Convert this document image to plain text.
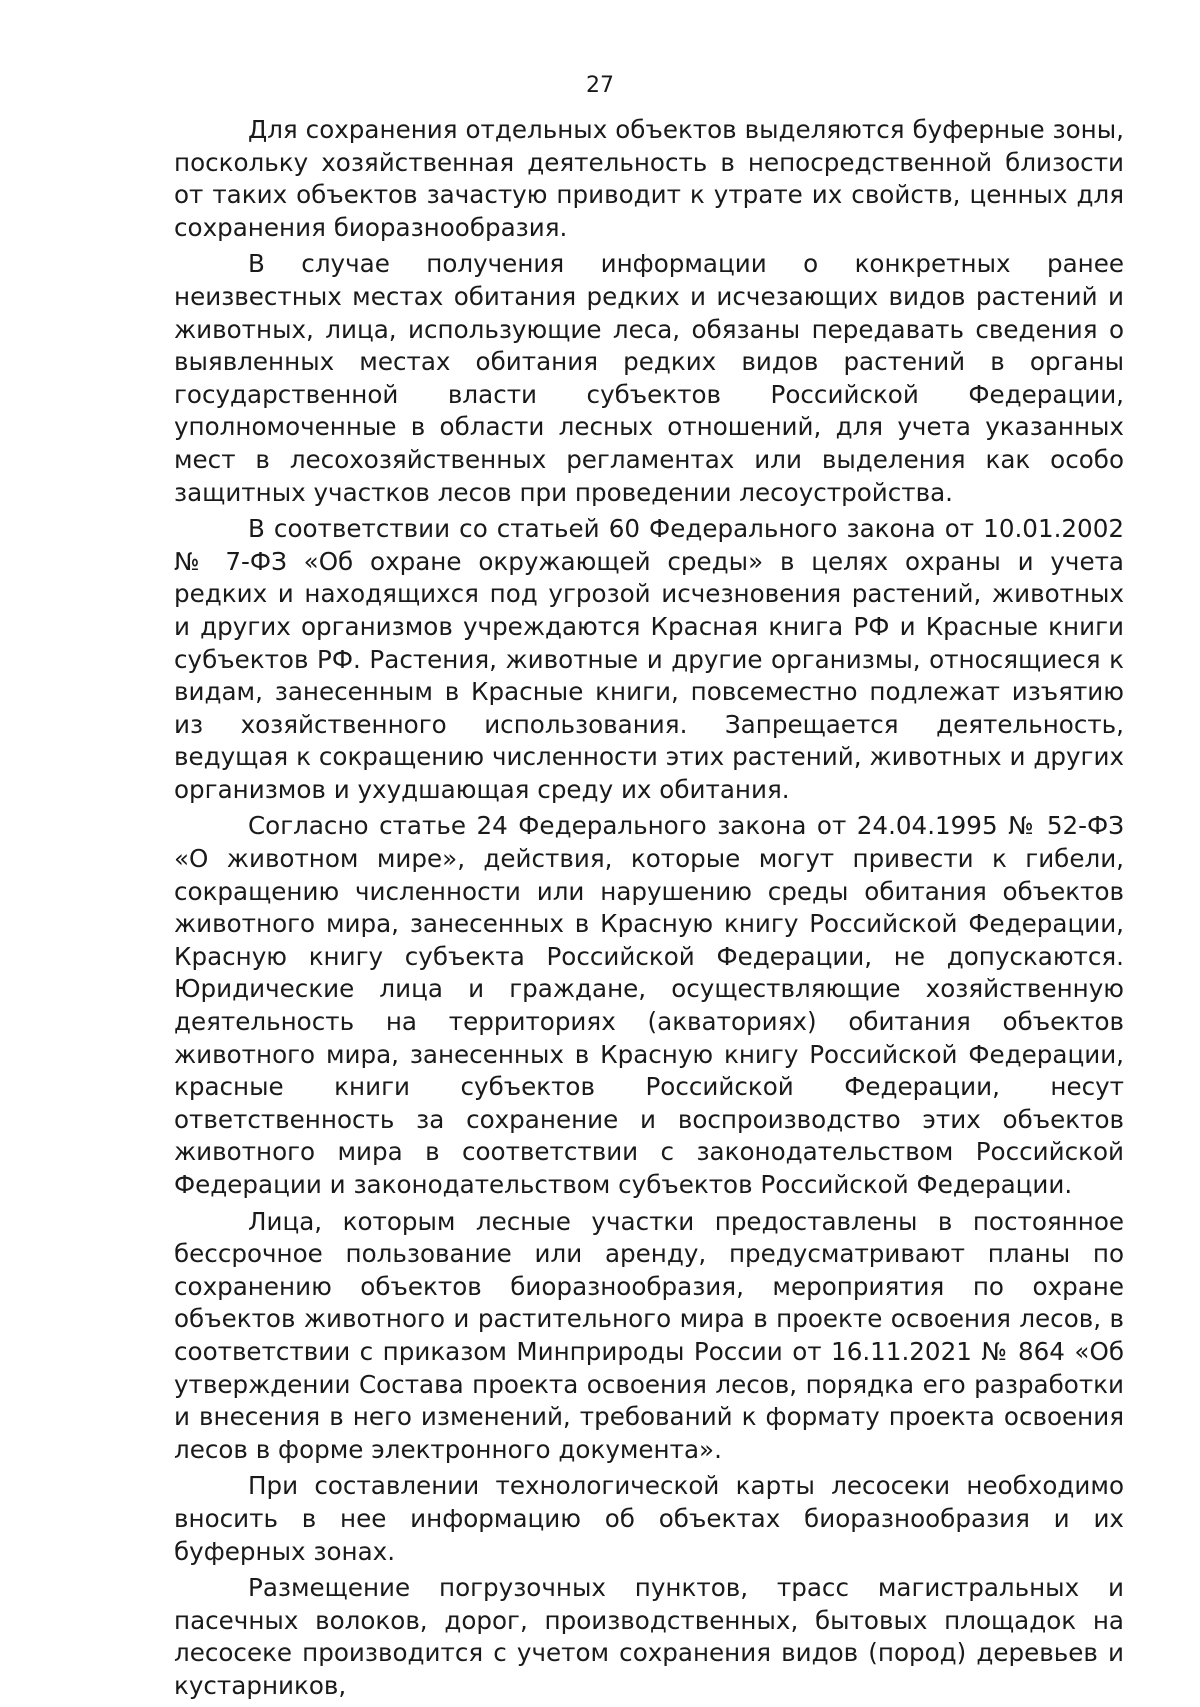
27

Для сохранения отдельных объектов выделяются буферные зоны, поскольку хозяйственная деятельность в непосредственной близости от таких объектов зачастую приводит к утрате их свойств, ценных для сохранения биоразнообразия.

В случае получения информации о конкретных ранее неизвестных местах обитания редких и исчезающих видов растений и животных, лица, использующие леса, обязаны передавать сведения о выявленных местах обитания редких видов растений в органы государственной власти субъектов Российской Федерации, уполномоченные в области лесных отношений, для учета указанных мест в лесохозяйственных регламентах или выделения как особо защитных участков лесов при проведении лесоустройства.

В соответствии со статьей 60 Федерального закона от 10.01.2002 № 7-ФЗ «Об охране окружающей среды» в целях охраны и учета редких и находящихся под угрозой исчезновения растений, животных и других организмов учреждаются Красная книга РФ и Красные книги субъектов РФ. Растения, животные и другие организмы, относящиеся к видам, занесенным в Красные книги, повсеместно подлежат изъятию из хозяйственного использования. Запрещается деятельность, ведущая к сокращению численности этих растений, животных и других организмов и ухудшающая среду их обитания.

Согласно статье 24 Федерального закона от 24.04.1995 № 52-ФЗ «О животном мире», действия, которые могут привести к гибели, сокращению численности или нарушению среды обитания объектов животного мира, занесенных в Красную книгу Российской Федерации, Красную книгу субъекта Российской Федерации, не допускаются. Юридические лица и граждане, осуществляющие хозяйственную деятельность на территориях (акваториях) обитания объектов животного мира, занесенных в Красную книгу Российской Федерации, красные книги субъектов Российской Федерации, несут ответственность за сохранение и воспроизводство этих объектов животного мира в соответствии с законодательством Российской Федерации и законодательством субъектов Российской Федерации.

Лица, которым лесные участки предоставлены в постоянное бессрочное пользование или аренду, предусматривают планы по сохранению объектов биоразнообразия, мероприятия по охране объектов животного и растительного мира в проекте освоения лесов, в соответствии с приказом Минприроды России от 16.11.2021 № 864 «Об утверждении Состава проекта освоения лесов, порядка его разработки и внесения в него изменений, требований к формату проекта освоения лесов в форме электронного документа».

При составлении технологической карты лесосеки необходимо вносить в нее информацию об объектах биоразнообразия и их буферных зонах.

Размещение погрузочных пунктов, трасс магистральных и пасечных волоков, дорог, производственных, бытовых площадок на лесосеке производится с учетом сохранения видов (пород) деревьев и кустарников,
